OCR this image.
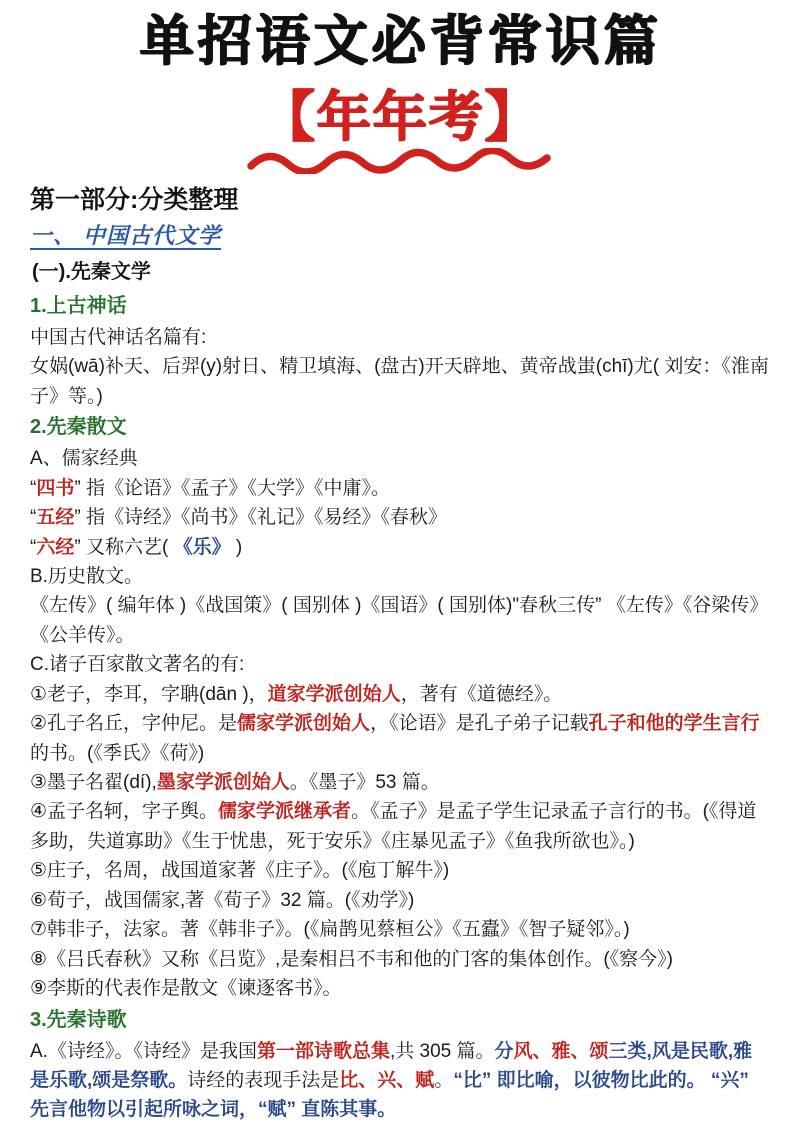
单招语文必背常识篇
【年年考】
第一部分:分类整理
一、 中国古代文学
(一).先秦文学
1.上古神话
中国古代神话名篇有:
女娲(wā)补天、后羿(y)射日、精卫填海、(盘古)开天辟地、黄帝战蚩(chī)尤( 刘安：《淮南子》等。)
2.先秦散文
A、儒家经典
“四书” 指《论语》《孟子》《大学》《中庸》。
“五经” 指《诗经》《尚书》《礼记》《易经》《春秋》
“六经” 又称六艺( 《乐》 )
B.历史散文。
《左传》( 编年体 )《战国策》( 国别体 )《国语》( 国别体)"春秋三传” 《左传》《谷梁传》《公羊传》。
C.诸子百家散文著名的有:
①老子，李耳，字聃(dān )，道家学派创始人，著有《道德经》。
②孔子名丘，字仲尼。是儒家学派创始人，《论语》是孔子弟子记载孔子和他的学生言行的书。(《季氏》《荷》)
③墨子名翟(dí),墨家学派创始人。《墨子》53 篇。
④孟子名轲，字子舆。儒家学派继承者。《孟子》是孟子学生记录孟子言行的书。(《得道多助，失道寡助》《生于忧患，死于安乐》《庄暴见孟子》《鱼我所欲也》。)
⑤庄子，名周，战国道家著《庄子》。(《庖丁解牛》)
⑥荀子，战国儒家,著《荀子》32 篇。(《劝学》)
⑦韩非子，法家。著《韩非子》。(《扁鹊见蔡桓公》《五蠹》《智子疑邻》。)
⑧《吕氏春秋》又称《吕览》,是秦相吕不韦和他的门客的集体创作。(《察今》)
⑨李斯的代表作是散文《谏逐客书》。
3.先秦诗歌
A.《诗经》。《诗经》是我国第一部诗歌总集,共 305 篇。分风、雅、颂三类,风是民歌,雅是乐歌,颂是祭歌。诗经的表现手法是比、兴、赋。“比” 即比喻，以彼物比此的。 “兴” 先言他物以引起所咏之词，“赋” 直陈其事。
